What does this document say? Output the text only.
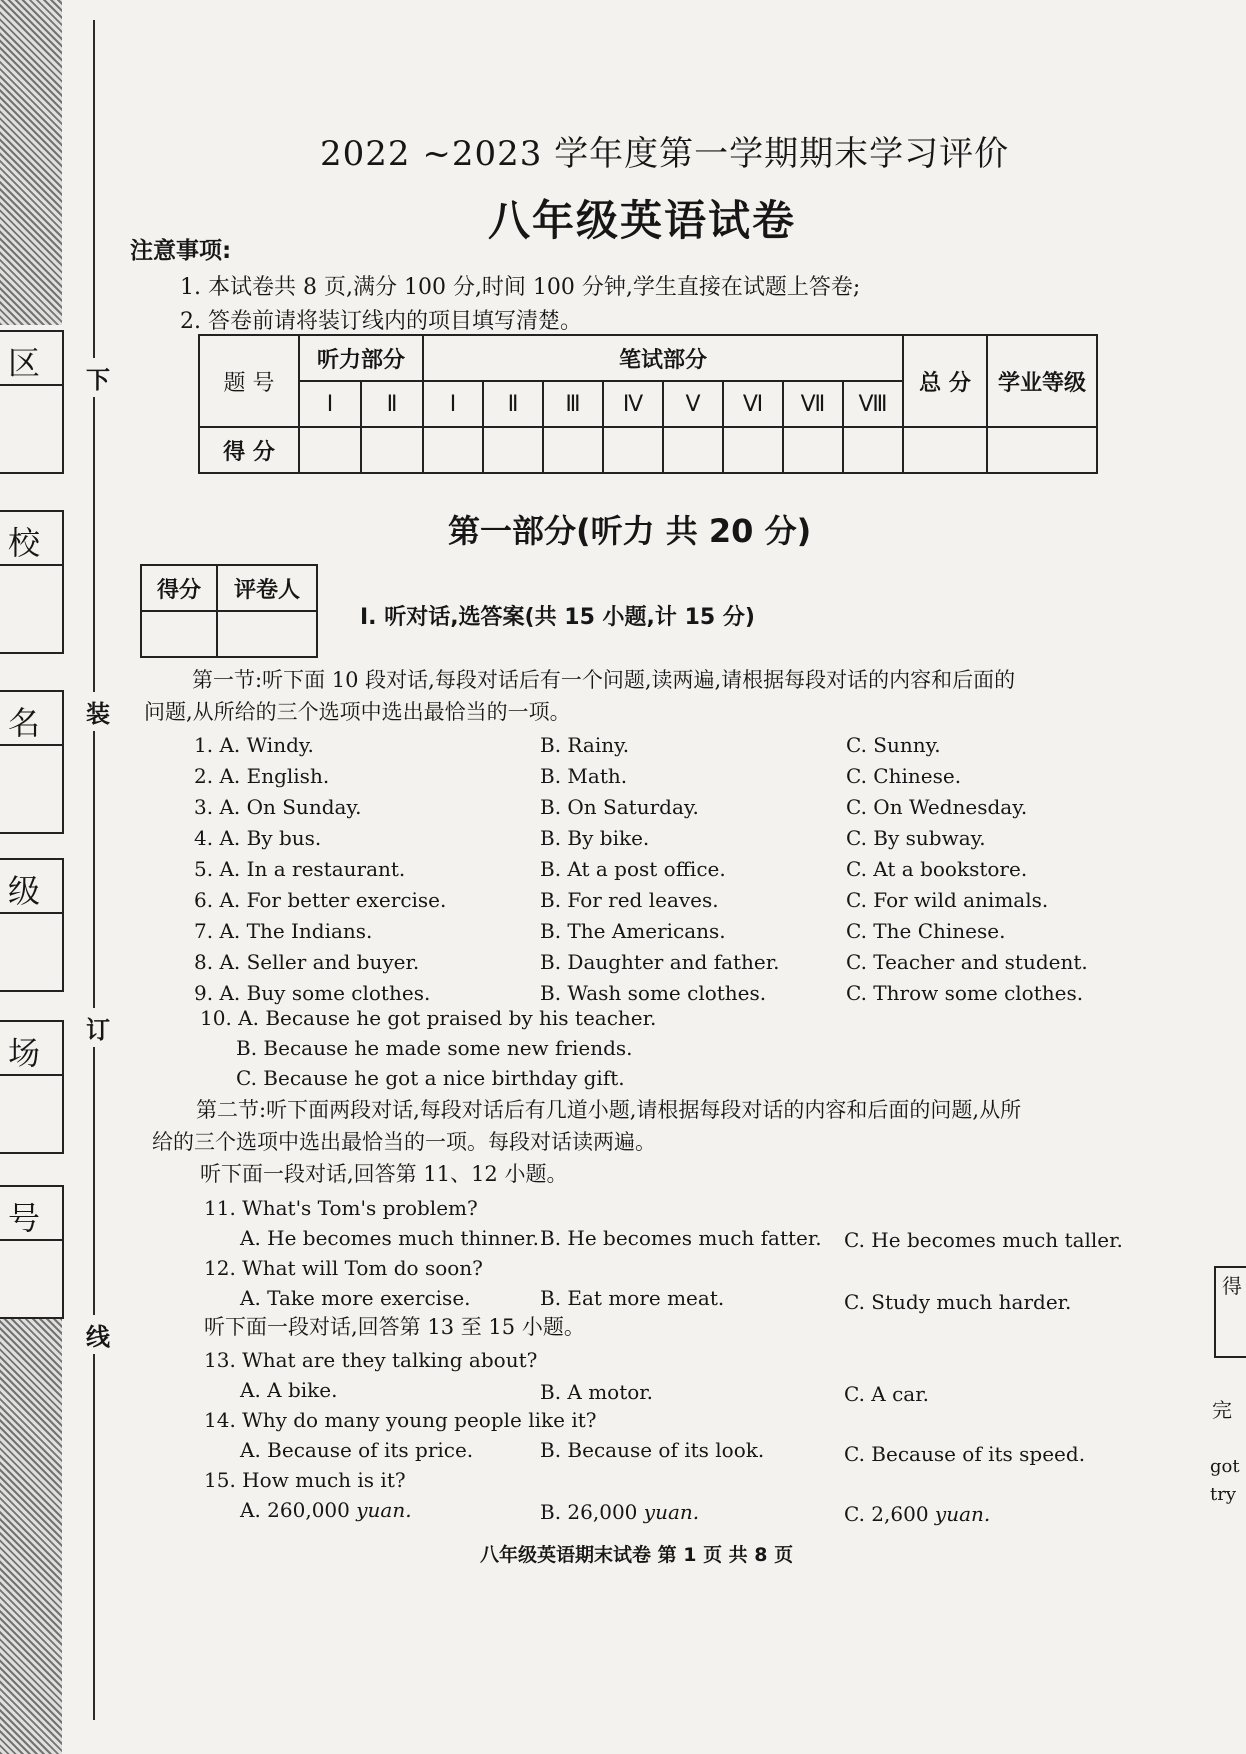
区
校
名
级
场
号
下
装
订
线
2022 ~2023 学年度第一学期期末学习评价
八年级英语试卷
注意事项:
1. 本试卷共 8 页,满分 100 分,时间 100 分钟,学生直接在试题上答卷;
2. 答卷前请将装订线内的项目填写清楚。
题 号	听力部分		笔试部分								总 分	学业等级
	Ⅰ	Ⅱ	Ⅰ	Ⅱ	Ⅲ	Ⅳ	Ⅴ	Ⅵ	Ⅶ	Ⅷ		
得 分												
第一部分(听力 共 20 分)
得分	评卷人

Ⅰ. 听对话,选答案(共 15 小题,计 15 分)
第一节:听下面 10 段对话,每段对话后有一个问题,读两遍,请根据每段对话的内容和后面的
问题,从所给的三个选项中选出最恰当的一项。
1. A. Windy.	B. Rainy.	C. Sunny.
2. A. English.	B. Math.	C. Chinese.
3. A. On Sunday.	B. On Saturday.	C. On Wednesday.
4. A. By bus.	B. By bike.	C. By subway.
5. A. In a restaurant.	B. At a post office.	C. At a bookstore.
6. A. For better exercise.	B. For red leaves.	C. For wild animals.
7. A. The Indians.	B. The Americans.	C. The Chinese.
8. A. Seller and buyer.	B. Daughter and father.	C. Teacher and student.
9. A. Buy some clothes.	B. Wash some clothes.	C. Throw some clothes.
10. A. Because he got praised by his teacher.
B. Because he made some new friends.
C. Because he got a nice birthday gift.
第二节:听下面两段对话,每段对话后有几道小题,请根据每段对话的内容和后面的问题,从所
给的三个选项中选出最恰当的一项。每段对话读两遍。
听下面一段对话,回答第 11、12 小题。
11. What's Tom's problem?
A. He becomes much thinner. B. He becomes much fatter. C. He becomes much taller.
12. What will Tom do soon?
A. Take more exercise.	B. Eat more meat.	C. Study much harder.
听下面一段对话,回答第 13 至 15 小题。
13. What are they talking about?
A. A bike.	B. A motor.	C. A car.
14. Why do many young people like it?
A. Because of its price.	B. Because of its look.	C. Because of its speed.
15. How much is it?
A. 260,000 yuan.	B. 26,000 yuan.	C. 2,600 yuan.
八年级英语期末试卷 第 1 页 共 8 页
得
完
got
try
